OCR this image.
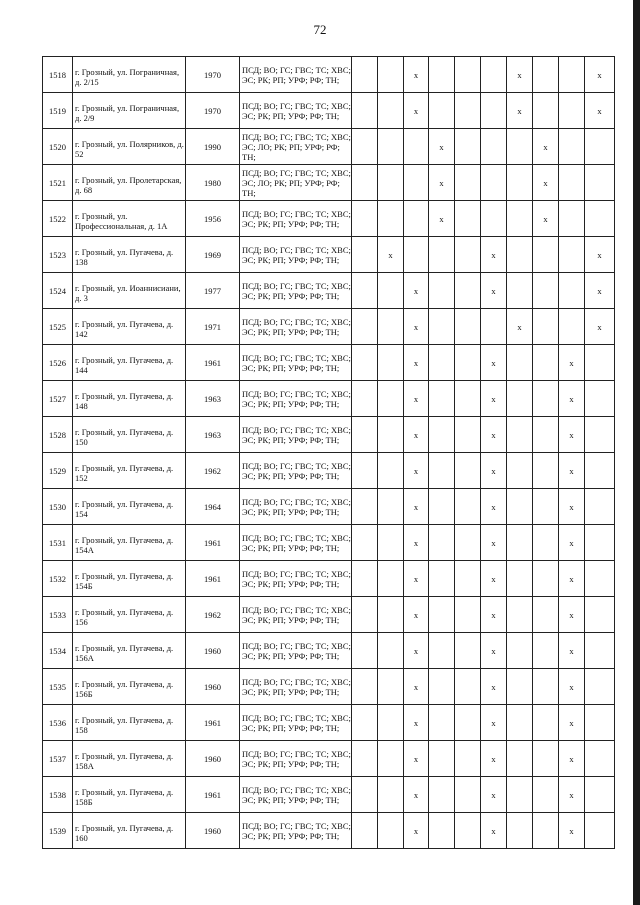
72
1518	г. Грозный, ул. Пограничная, д. 2/15	1970	ПСД; ВО; ГС; ГВС; ТС; ХВС; ЭС; РК; РП; УРФ; РФ; ТН;			x				x			x
1519	г. Грозный, ул. Пограничная, д. 2/9	1970	ПСД; ВО; ГС; ГВС; ТС; ХВС; ЭС; РК; РП; УРФ; РФ; ТН;			x				x			x
1520	г. Грозный, ул. Полярников, д. 52	1990	ПСД; ВО; ГС; ГВС; ТС; ХВС; ЭС; ЛО; РК; РП; УРФ; РФ; ТН;				x				x		
1521	г. Грозный, ул. Пролетарская, д. 68	1980	ПСД; ВО; ГС; ГВС; ТС; ХВС; ЭС; ЛО; РК; РП; УРФ; РФ; ТН;				x				x		
1522	г. Грозный, ул. Профессиональная, д. 1А	1956	ПСД; ВО; ГС; ГВС; ТС; ХВС; ЭС; РК; РП; УРФ; РФ; ТН;				x				x		
1523	г. Грозный, ул. Пугачева, д. 138	1969	ПСД; ВО; ГС; ГВС; ТС; ХВС; ЭС; РК; РП; УРФ; РФ; ТН;		x				x				x
1524	г. Грозный, ул. Иоаннисиани, д. 3	1977	ПСД; ВО; ГС; ГВС; ТС; ХВС; ЭС; РК; РП; УРФ; РФ; ТН;			x			x				x
1525	г. Грозный, ул. Пугачева, д. 142	1971	ПСД; ВО; ГС; ГВС; ТС; ХВС; ЭС; РК; РП; УРФ; РФ; ТН;			x				x			x
1526	г. Грозный, ул. Пугачева, д. 144	1961	ПСД; ВО; ГС; ГВС; ТС; ХВС; ЭС; РК; РП; УРФ; РФ; ТН;			x			x			x	
1527	г. Грозный, ул. Пугачева, д. 148	1963	ПСД; ВО; ГС; ГВС; ТС; ХВС; ЭС; РК; РП; УРФ; РФ; ТН;			x			x			x	
1528	г. Грозный, ул. Пугачева, д. 150	1963	ПСД; ВО; ГС; ГВС; ТС; ХВС; ЭС; РК; РП; УРФ; РФ; ТН;			x			x			x	
1529	г. Грозный, ул. Пугачева, д. 152	1962	ПСД; ВО; ГС; ГВС; ТС; ХВС; ЭС; РК; РП; УРФ; РФ; ТН;			x			x			x	
1530	г. Грозный, ул. Пугачева, д. 154	1964	ПСД; ВО; ГС; ГВС; ТС; ХВС; ЭС; РК; РП; УРФ; РФ; ТН;			x			x			x	
1531	г. Грозный, ул. Пугачева, д. 154А	1961	ПСД; ВО; ГС; ГВС; ТС; ХВС; ЭС; РК; РП; УРФ; РФ; ТН;			x			x			x	
1532	г. Грозный, ул. Пугачева, д. 154Б	1961	ПСД; ВО; ГС; ГВС; ТС; ХВС; ЭС; РК; РП; УРФ; РФ; ТН;			x			x			x	
1533	г. Грозный, ул. Пугачева, д. 156	1962	ПСД; ВО; ГС; ГВС; ТС; ХВС; ЭС; РК; РП; УРФ; РФ; ТН;			x			x			x	
1534	г. Грозный, ул. Пугачева, д. 156А	1960	ПСД; ВО; ГС; ГВС; ТС; ХВС; ЭС; РК; РП; УРФ; РФ; ТН;			x			x			x	
1535	г. Грозный, ул. Пугачева, д. 156Б	1960	ПСД; ВО; ГС; ГВС; ТС; ХВС; ЭС; РК; РП; УРФ; РФ; ТН;			x			x			x	
1536	г. Грозный, ул. Пугачева, д. 158	1961	ПСД; ВО; ГС; ГВС; ТС; ХВС; ЭС; РК; РП; УРФ; РФ; ТН;			x			x			x	
1537	г. Грозный, ул. Пугачева, д. 158А	1960	ПСД; ВО; ГС; ГВС; ТС; ХВС; ЭС; РК; РП; УРФ; РФ; ТН;			x			x			x	
1538	г. Грозный, ул. Пугачева, д. 158Б	1961	ПСД; ВО; ГС; ГВС; ТС; ХВС; ЭС; РК; РП; УРФ; РФ; ТН;			x			x			x	
1539	г. Грозный, ул. Пугачева, д. 160	1960	ПСД; ВО; ГС; ГВС; ТС; ХВС; ЭС; РК; РП; УРФ; РФ; ТН;			x			x			x	
